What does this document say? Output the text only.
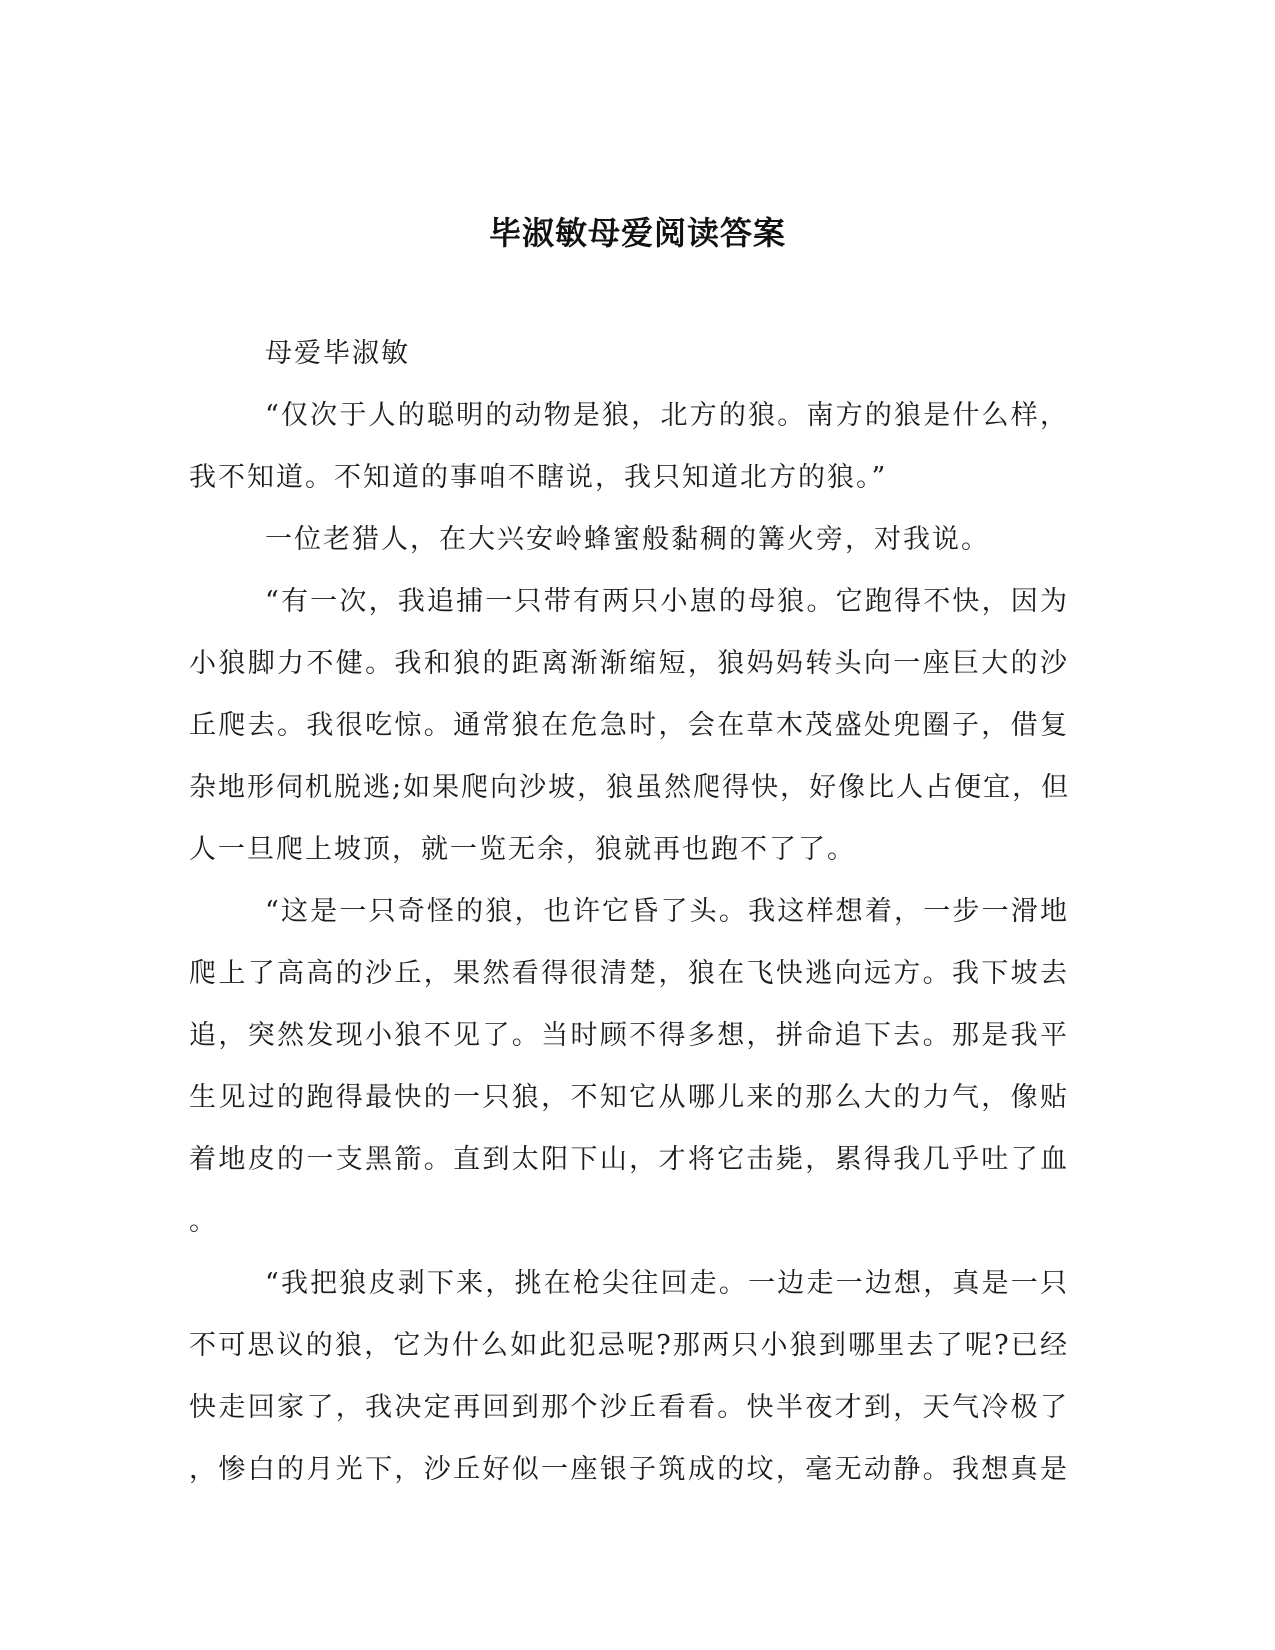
毕淑敏母爱阅读答案
母爱毕淑敏
“仅次于人的聪明的动物是狼，北方的狼。南方的狼是什么样，
我不知道。不知道的事咱不瞎说，我只知道北方的狼。”
一位老猎人，在大兴安岭蜂蜜般黏稠的篝火旁，对我说。
“有一次，我追捕一只带有两只小崽的母狼。它跑得不快，因为
小狼脚力不健。我和狼的距离渐渐缩短，狼妈妈转头向一座巨大的沙
丘爬去。我很吃惊。通常狼在危急时，会在草木茂盛处兜圈子，借复
杂地形伺机脱逃;如果爬向沙坡，狼虽然爬得快，好像比人占便宜，但
人一旦爬上坡顶，就一览无余，狼就再也跑不了了。
“这是一只奇怪的狼，也许它昏了头。我这样想着，一步一滑地
爬上了高高的沙丘，果然看得很清楚，狼在飞快逃向远方。我下坡去
追，突然发现小狼不见了。当时顾不得多想，拼命追下去。那是我平
生见过的跑得最快的一只狼，不知它从哪儿来的那么大的力气，像贴
着地皮的一支黑箭。直到太阳下山，才将它击毙，累得我几乎吐了血
。
“我把狼皮剥下来，挑在枪尖往回走。一边走一边想，真是一只
不可思议的狼，它为什么如此犯忌呢?那两只小狼到哪里去了呢?已经
快走回家了，我决定再回到那个沙丘看看。快半夜才到，天气冷极了
，惨白的月光下，沙丘好似一座银子筑成的坟，毫无动静。我想真是
